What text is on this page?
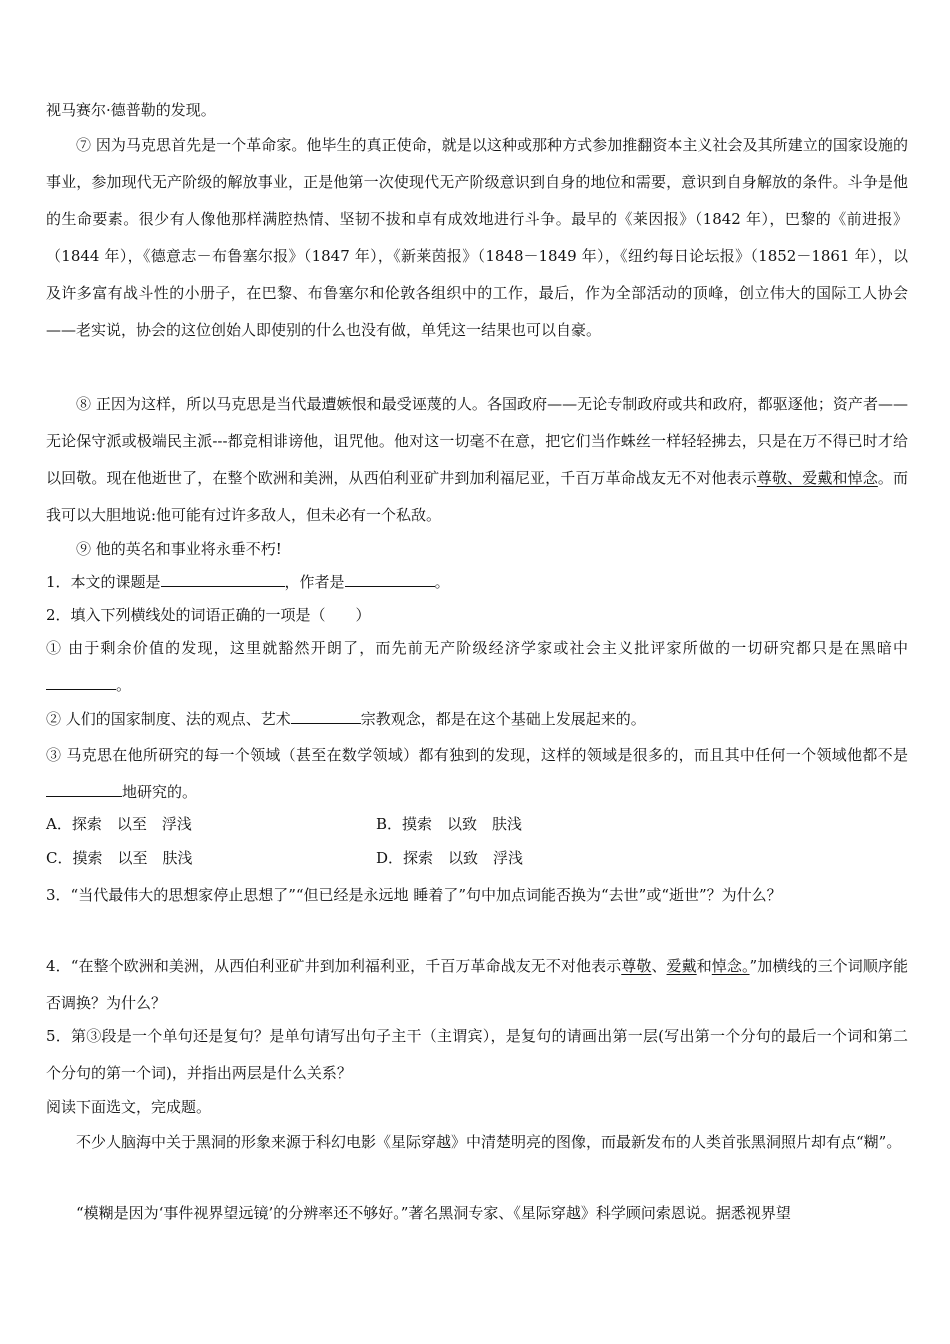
视马赛尔·德普勒的发现。

⑦ 因为马克思首先是一个革命家。他毕生的真正使命，就是以这种或那种方式参加推翻资本主义社会及其所建立的国家设施的事业，参加现代无产阶级的解放事业，正是他第一次使现代无产阶级意识到自身的地位和需要，意识到自身解放的条件。斗争是他的生命要素。很少有人像他那样满腔热情、坚韧不拔和卓有成效地进行斗争。最早的《莱因报》（1842 年），巴黎的《前进报》（1844 年），《德意志－布鲁塞尔报》（1847 年），《新莱茵报》（1848－1849 年），《纽约每日论坛报》（1852－1861 年），以及许多富有战斗性的小册子，在巴黎、布鲁塞尔和伦敦各组织中的工作，最后，作为全部活动的顶峰，创立伟大的国际工人协会——老实说，协会的这位创始人即使别的什么也没有做，单凭这一结果也可以自豪。

⑧ 正因为这样，所以马克思是当代最遭嫉恨和最受诬蔑的人。各国政府——无论专制政府或共和政府，都驱逐他；资产者——无论保守派或极端民主派---都竞相诽谤他，诅咒他。他对这一切毫不在意，把它们当作蛛丝一样轻轻拂去，只是在万不得已时才给以回敬。现在他逝世了，在整个欧洲和美洲，从西伯利亚矿井到加利福尼亚，千百万革命战友无不对他表示尊敬、爱戴和悼念。而我可以大胆地说:他可能有过许多敌人，但未必有一个私敌。

⑨ 他的英名和事业将永垂不朽!

1．本文的课题是	，作者是	。

2．填入下列横线处的词语正确的一项是（　　）

① 由于剩余价值的发现，这里就豁然开朗了，而先前无产阶级经济学家或社会主义批评家所做的一切研究都只是在黑暗中。

② 人们的国家制度、法的观点、艺术	宗教观念，都是在这个基础上发展起来的。

③ 马克思在他所研究的每一个领域（甚至在数学领域）都有独到的发现，这样的领域是很多的，而且其中任何一个领域他都不是地研究的。

A．探索　以至　浮浅	B．摸索　以致　肤浅
C．摸索　以至　肤浅	D．探索　以致　浮浅

3．“当代最伟大的思想家停止思想了”“但已经是永远地 睡着了”句中加点词能否换为“去世”或“逝世”？为什么？

4．“在整个欧洲和美洲，从西伯利亚矿井到加利福利亚，千百万革命战友无不对他表示尊敬、爱戴和悼念。”加横线的三个词顺序能否调换？为什么？

5．第③段是一个单句还是复句？是单句请写出句子主干（主谓宾），是复句的请画出第一层(写出第一个分句的最后一个词和第二个分句的第一个词)，并指出两层是什么关系？

阅读下面选文，完成题。

不少人脑海中关于黑洞的形象来源于科幻电影《星际穿越》中清楚明亮的图像，而最新发布的人类首张黑洞照片却有点“糊”。

“模糊是因为‘事件视界望远镜’的分辨率还不够好。”著名黑洞专家、《星际穿越》科学顾问索恩说。据悉视界望
